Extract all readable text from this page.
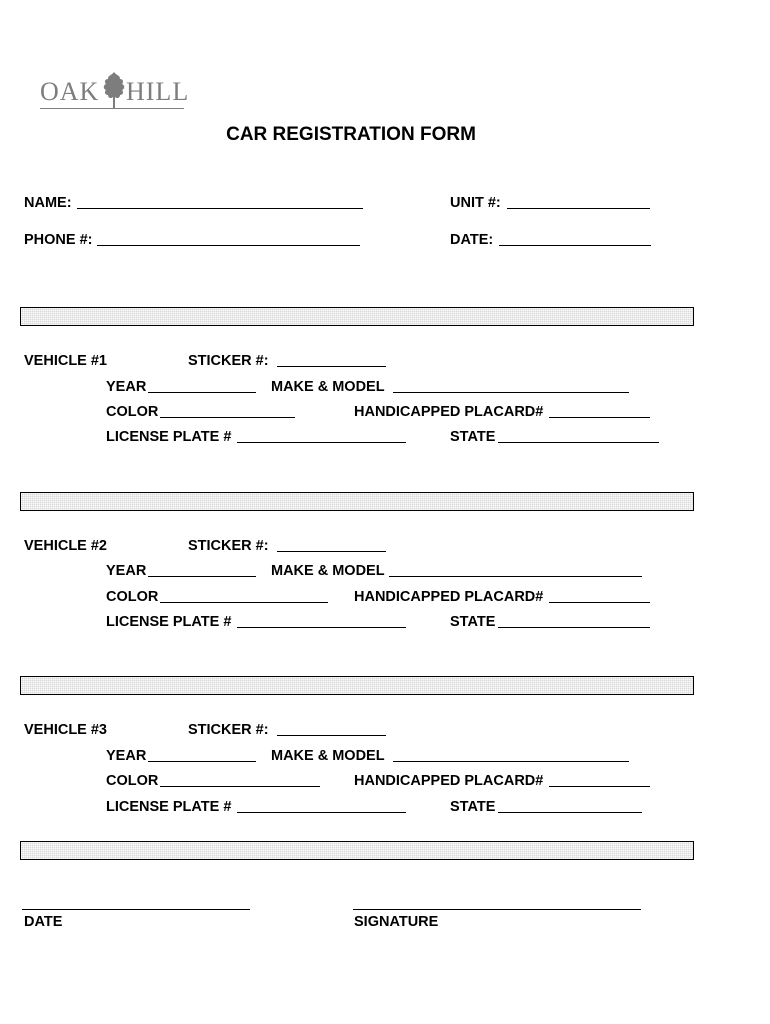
OAK HILL
CAR REGISTRATION FORM
NAME:	UNIT #:
PHONE #:	DATE:
VEHICLE #1	STICKER #:
YEAR	MAKE & MODEL
COLOR	HANDICAPPED PLACARD#
LICENSE PLATE #	STATE
VEHICLE #2	STICKER #:
YEAR	MAKE & MODEL
COLOR	HANDICAPPED PLACARD#
LICENSE PLATE #	STATE
VEHICLE #3	STICKER #:
YEAR	MAKE & MODEL
COLOR	HANDICAPPED PLACARD#
LICENSE PLATE #	STATE
DATE	SIGNATURE
